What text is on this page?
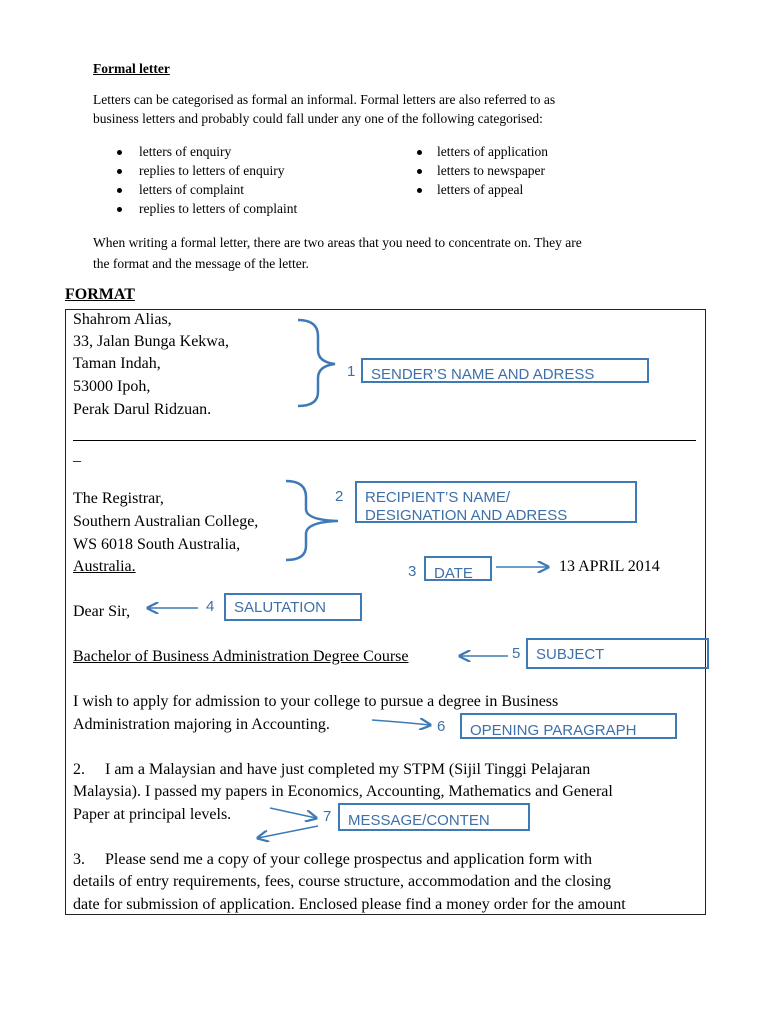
Formal letter
Letters can be categorised as formal an informal. Formal letters are also referred to as
business letters and probably could fall under any one of the following categorised:
letters of enquiry
replies to letters of enquiry
letters of complaint
replies to letters of complaint
letters of application
letters to newspaper
letters of appeal
When writing a formal letter, there are two areas that you need to concentrate on. They are
the format and the message of the letter.
FORMAT
Shahrom Alias,
33, Jalan Bunga Kekwa,
Taman Indah,
53000 Ipoh,
Perak Darul Ridzuan.
_
The Registrar,
Southern Australian College,
WS 6018 South Australia,
Australia.	13 APRIL 2014
Dear Sir,
Bachelor of Business Administration Degree Course
I wish to apply for admission to your college to pursue a degree in Business
Administration majoring in Accounting.
2.     I am a Malaysian and have just completed my STPM (Sijil Tinggi Pelajaran
Malaysia). I passed my papers in Economics, Accounting, Mathematics and General
Paper at principal levels.
3.     Please send me a copy of your college prospectus and application form with
details of entry requirements, fees, course structure, accommodation and the closing
date for submission of application. Enclosed please find a money order for the amount
1	SENDER’S NAME AND ADRESS
2	RECIPIENT’S NAME/
DESIGNATION AND ADRESS
3	DATE
4	SALUTATION
5	SUBJECT
6	OPENING PARAGRAPH
7	MESSAGE/CONTEN
